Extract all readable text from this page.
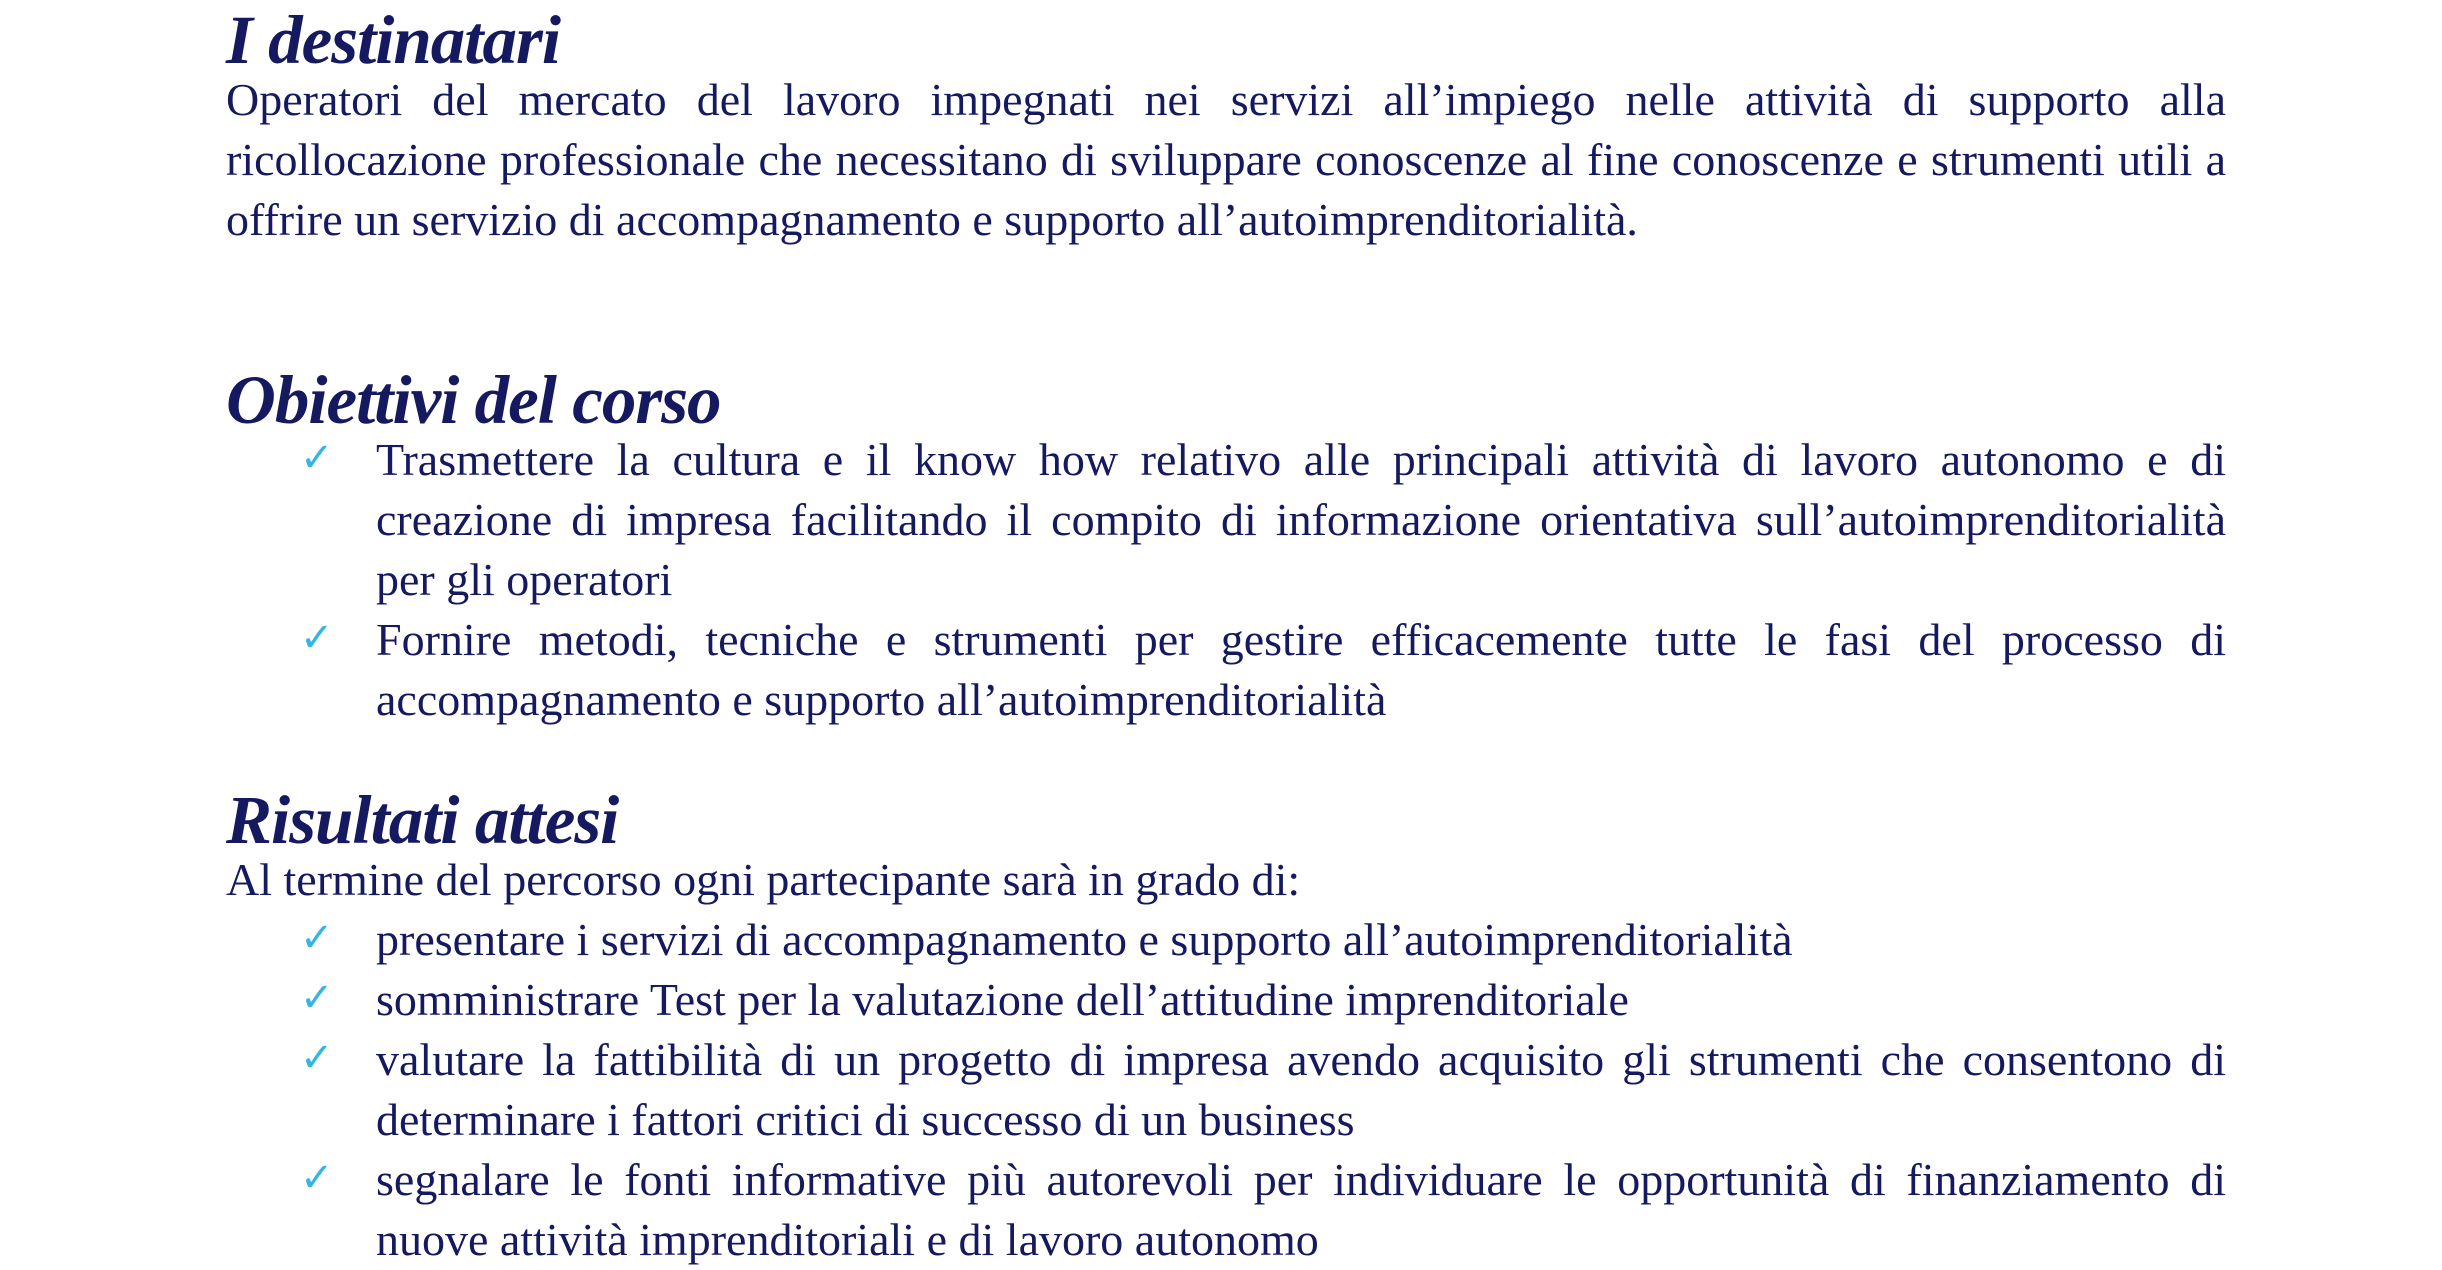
I destinatari

Operatori del mercato del lavoro impegnati nei servizi all’impiego nelle attività di supporto alla ricollocazione professionale che necessitano di sviluppare conoscenze al fine conoscenze e strumenti utili a offrire un servizio di accompagnamento e supporto all’autoimprenditorialità.

Obiettivi del corso
✓ Trasmettere la cultura e il know how relativo alle principali attività di lavoro autonomo e di creazione di impresa facilitando il compito di informazione orientativa sull’autoimprenditorialità per gli operatori
✓ Fornire metodi, tecniche e strumenti per gestire efficacemente tutte le fasi del processo di accompagnamento e supporto all’autoimprenditorialità
Risultati attesi

Al termine del percorso ogni partecipante sarà in grado di:

✓ presentare i servizi di accompagnamento e supporto all’autoimprenditorialità
✓ somministrare Test per la valutazione dell’attitudine imprenditoriale
✓ valutare la fattibilità di un progetto di impresa avendo acquisito gli strumenti che consentono di determinare i fattori critici di successo di un business
✓ segnalare le fonti informative più autorevoli per individuare le opportunità di finanziamento di nuove attività imprenditoriali e di lavoro autonomo
